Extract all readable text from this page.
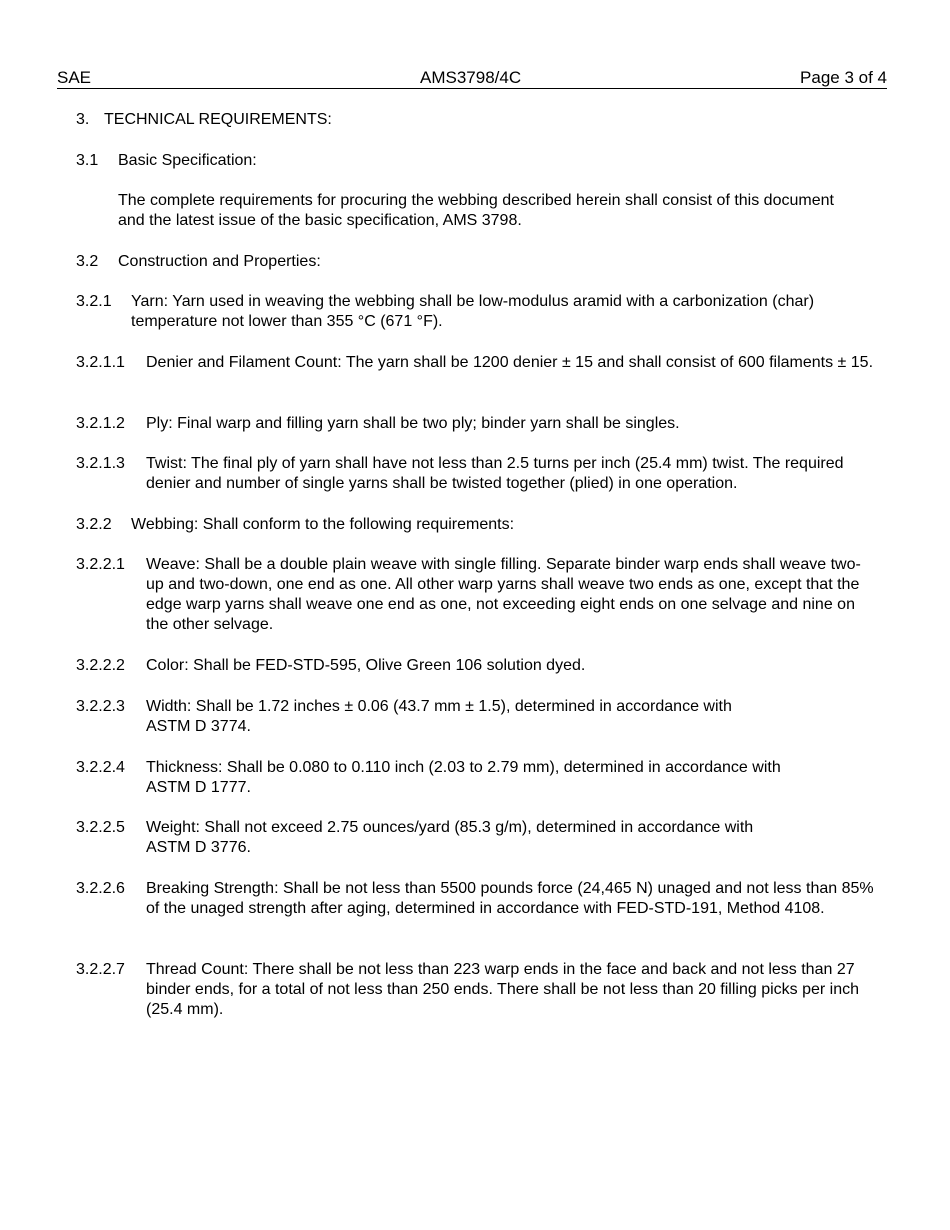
SAE	AMS3798/4C	Page 3 of 4
3. TECHNICAL REQUIREMENTS:
3.1 Basic Specification:
The complete requirements for procuring the webbing described herein shall consist of this document and the latest issue of the basic specification, AMS 3798.
3.2 Construction and Properties:
3.2.1 Yarn: Yarn used in weaving the webbing shall be low-modulus aramid with a carbonization (char) temperature not lower than 355 °C (671 °F).
3.2.1.1 Denier and Filament Count: The yarn shall be 1200 denier ± 15 and shall consist of 600 filaments ± 15.
3.2.1.2 Ply: Final warp and filling yarn shall be two ply; binder yarn shall be singles.
3.2.1.3 Twist: The final ply of yarn shall have not less than 2.5 turns per inch (25.4 mm) twist. The required denier and number of single yarns shall be twisted together (plied) in one operation.
3.2.2 Webbing: Shall conform to the following requirements:
3.2.2.1 Weave: Shall be a double plain weave with single filling. Separate binder warp ends shall weave two-up and two-down, one end as one. All other warp yarns shall weave two ends as one, except that the edge warp yarns shall weave one end as one, not exceeding eight ends on one selvage and nine on the other selvage.
3.2.2.2 Color: Shall be FED-STD-595, Olive Green 106 solution dyed.
3.2.2.3 Width: Shall be 1.72 inches ± 0.06 (43.7 mm ± 1.5), determined in accordance with
ASTM D 3774.
3.2.2.4 Thickness: Shall be 0.080 to 0.110 inch (2.03 to 2.79 mm), determined in accordance with
ASTM D 1777.
3.2.2.5 Weight: Shall not exceed 2.75 ounces/yard (85.3 g/m), determined in accordance with
ASTM D 3776.
3.2.2.6 Breaking Strength: Shall be not less than 5500 pounds force (24,465 N) unaged and not less than 85% of the unaged strength after aging, determined in accordance with FED-STD-191, Method 4108.
3.2.2.7 Thread Count: There shall be not less than 223 warp ends in the face and back and not less than 27 binder ends, for a total of not less than 250 ends. There shall be not less than 20 filling picks per inch (25.4 mm).
